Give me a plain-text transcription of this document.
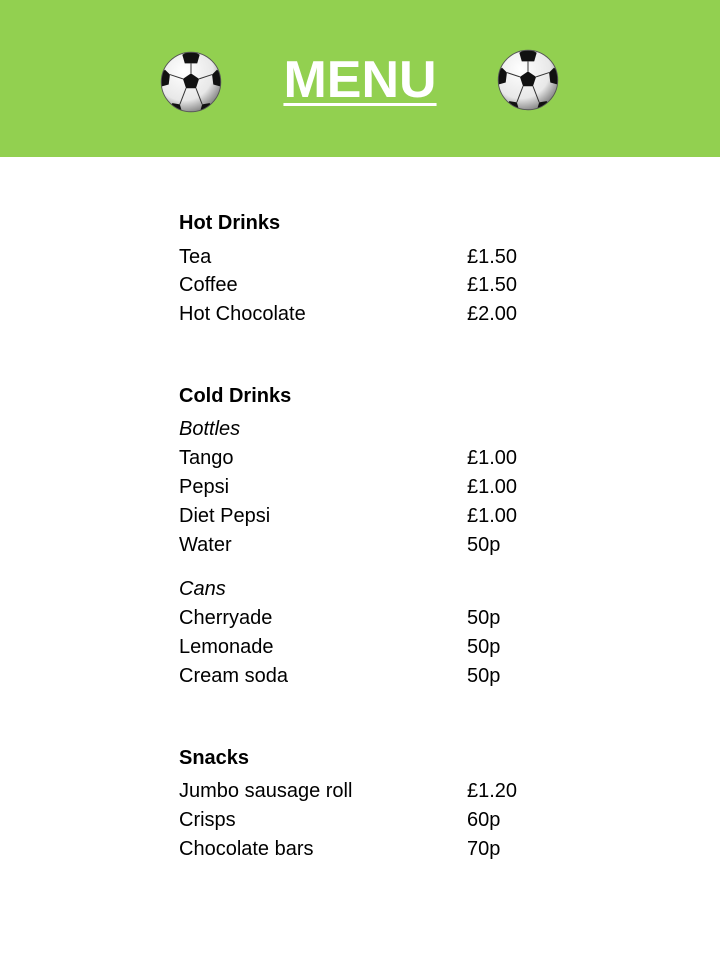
MENU
Hot Drinks
Tea	£1.50
Coffee	£1.50
Hot Chocolate	£2.00
Cold Drinks
Bottles
Tango	£1.00
Pepsi	£1.00
Diet Pepsi	£1.00
Water	50p
Cans
Cherryade	50p
Lemonade	50p
Cream soda	50p
Snacks
Jumbo sausage roll	£1.20
Crisps	60p
Chocolate bars	70p
